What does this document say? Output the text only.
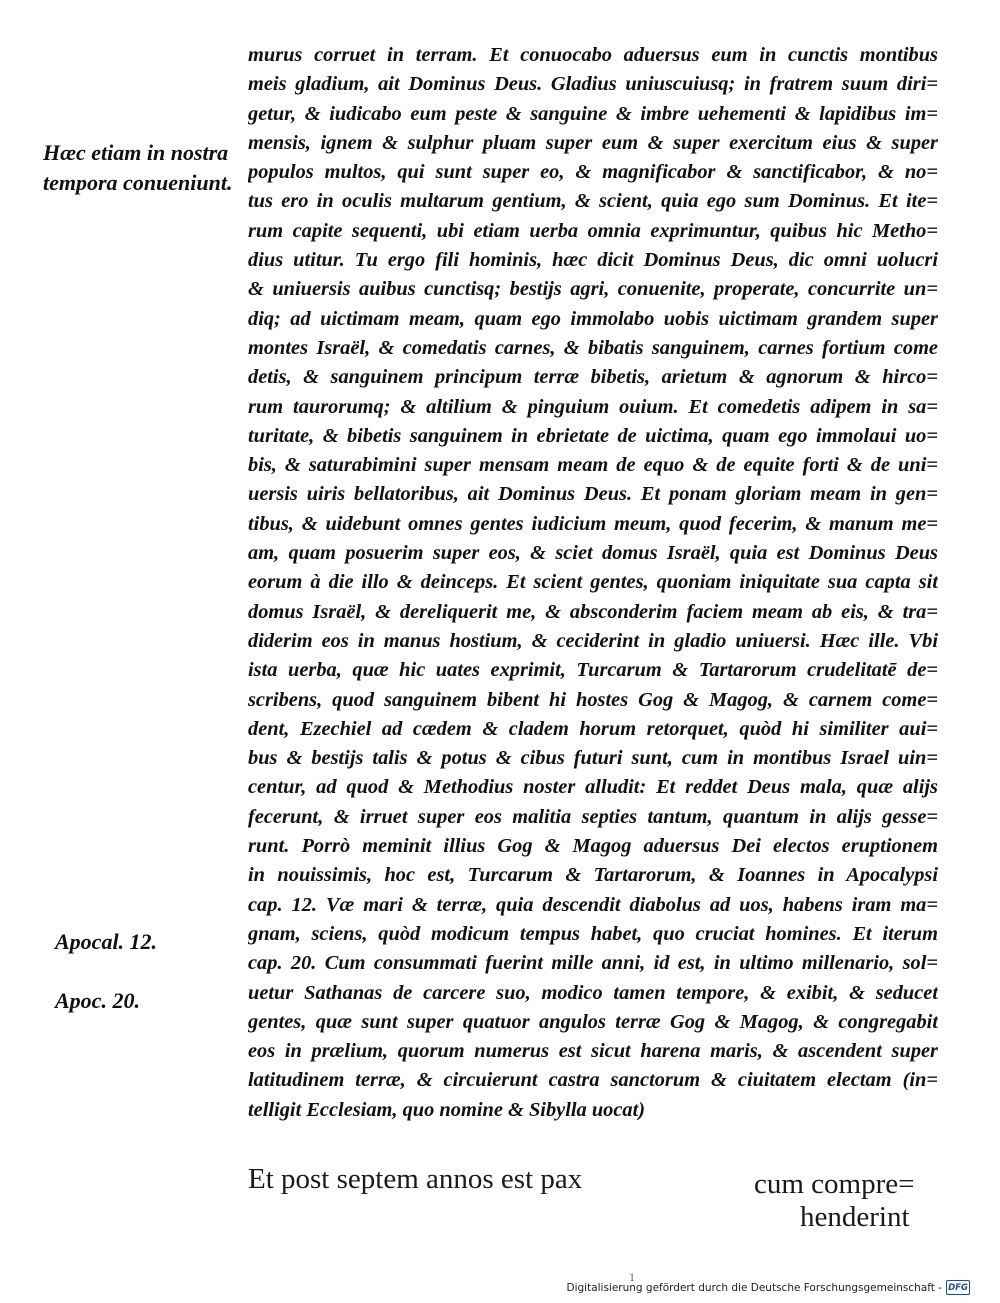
Hæc etiam in nostra
tempora conueniunt.
Apocal. 12.
Apoc. 20.
murus corruet in terram. Et conuocabo aduersus eum in cunctis montibus
meis gladium, ait Dominus Deus. Gladius uniuscuiusq; in fratrem suum diri=
getur, & iudicabo eum peste & sanguine & imbre uehementi & lapidibus im=
mensis, ignem & sulphur pluam super eum & super exercitum eius & super
populos multos, qui sunt super eo, & magnificabor & sanctificabor, & no=
tus ero in oculis multarum gentium, & scient, quia ego sum Dominus. Et ite=
rum capite sequenti, ubi etiam uerba omnia exprimuntur, quibus hic Metho=
dius utitur. Tu ergo fili hominis, hæc dicit Dominus Deus, dic omni uolucri
& uniuersis auibus cunctisq; bestijs agri, conuenite, properate, concurrite un=
diq; ad uictimam meam, quam ego immolabo uobis uictimam grandem super
montes Israël, & comedatis carnes, & bibatis sanguinem, carnes fortium come
detis, & sanguinem principum terræ bibetis, arietum & agnorum & hirco=
rum taurorumq; & altilium & pinguium ouium. Et comedetis adipem in sa=
turitate, & bibetis sanguinem in ebrietate de uictima, quam ego immolaui uo=
bis, & saturabimini super mensam meam de equo & de equite forti & de uni=
uersis uiris bellatoribus, ait Dominus Deus. Et ponam gloriam meam in gen=
tibus, & uidebunt omnes gentes iudicium meum, quod fecerim, & manum me=
am, quam posuerim super eos, & sciet domus Israël, quia est Dominus Deus
eorum à die illo & deinceps. Et scient gentes, quoniam iniquitate sua capta sit
domus Israël, & dereliquerit me, & absconderim faciem meam ab eis, & tra=
diderim eos in manus hostium, & ceciderint in gladio uniuersi. Hæc ille. Vbi
ista uerba, quæ hic uates exprimit, Turcarum & Tartarorum crudelitatē de=
scribens, quod sanguinem bibent hi hostes Gog & Magog, & carnem come=
dent, Ezechiel ad cædem & cladem horum retorquet, quòd hi similiter aui=
bus & bestijs talis & potus & cibus futuri sunt, cum in montibus Israel uin=
centur, ad quod & Methodius noster alludit: Et reddet Deus mala, quæ alijs
fecerunt, & irruet super eos malitia septies tantum, quantum in alijs gesse=
runt. Porrò meminit illius Gog & Magog aduersus Dei electos eruptionem
in nouissimis, hoc est, Turcarum & Tartarorum, & Ioannes in Apocalypsi
cap. 12. Væ mari & terræ, quia descendit diabolus ad uos, habens iram ma=
gnam, sciens, quòd modicum tempus habet, quo cruciat homines. Et iterum
cap. 20. Cum consummati fuerint mille anni, id est, in ultimo millenario, sol=
uetur Sathanas de carcere suo, modico tamen tempore, & exibit, & seducet
gentes, quæ sunt super quatuor angulos terræ Gog & Magog, & congregabit
eos in prælium, quorum numerus est sicut harena maris, & ascendent super
latitudinem terræ, & circuierunt castra sanctorum & ciuitatem electam (in=
telligit Ecclesiam, quo nomine & Sibylla uocat)
Et post septem annos est pax	cum compre=
henderint
1
Digitalisierung gefördert durch die Deutsche Forschungsgemeinschaft - DFG
